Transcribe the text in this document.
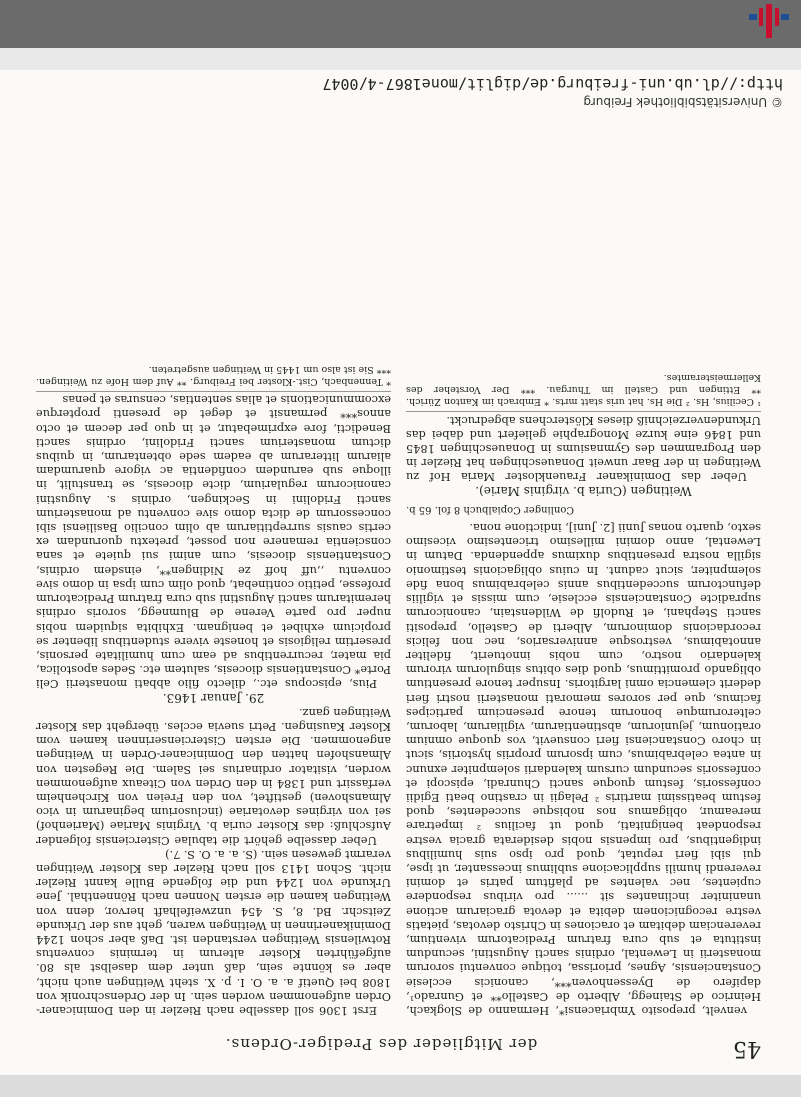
der Mitglieder des Prediger-Ordens.	45

venvelt, preposito Ymbriacensi*, Hermanno de Slogkach, Heinrico de Stainegg, Alberto de Castello** et Gunrado¹, dapifero de Dyessenhoven***, canonicis ecclesie Constanciensis, Agnes, priorissa, totique conventui sororum monasterii in Lewental, ordinis sancti Augustini, secundum instituta et sub cura fratrum Predicatorum viventium, reverenciam debitam et oraciones in Christo devotas, pietatis vestre recognicionem debita et devota graciarum actione unaniniter inclinantes sit ...... pro viribus respondere cupientes, nec valentes ad plafitum patris et domini reverendi humili supplicacione sublimus incessanter, ut ipse, qui sibi fieri reputat, quod pro ipso suis humilibus indigentibus, pro impensis nobis desiderata gracia vestre respondeat benignitati, quod ut facilius ² impetrare mereamur, obligamus nos nobisque succedentes, quod festum beatissimi martiris ² Pelagii in crastino beati Egidii confessoris, festum quoque sancti Chunradi, episcopi et confessoris secundum cursum kalendarii solempniter exnunc in antea celebrabimus, cum ipsorum propriis hystoriis, sicut in choro Constanciensi fieri consuevit, vos quoque omnium orationum, jejuniorum, abstinentiarum, vigiliarum, laborum, celterorumque bonorum tenore presencium participes facimus, que per sorores memorati monasterii nostri fieri dederit clemencia omni largitoris. Insuper tenore presentium obligando promittimus, quod dies obitus singulorum virorum kalendario nostro, cum nobis innotuerit, fideliter annotabimus, vestrosque anniversarios, nec non felicis recordacionis dominorum, Alberti de Castello, prepositi sancti Stephani, et Rudolfi de Wildenstain, canonicorum supradicte Constanciensis ecclesie, cum missis et vigiliis defunctorum succedentibus annis celebrabimus bona fide solempniter, sicut cadunt. In cuius obligacionis testimonio sigilla nostra presentibus duximus appendenda. Datum in Lewental, anno domini millesimo tricentesimo vicesimo sexto, quarto nonas Junii [2. Juni], indictione nona.

Conlinger Copialbuch 8 fol. 65 b.

Weitingen (Curia b. virginis Marie).

Ueber das Dominikaner Frauenkloster Maria Hof zu Weitingen in der Baar unweit Donaueschingen hat Riezler in den Programmen des Gymnasiums in Donaueschingen 1845 und 1846 eine kurze Monographie geliefert und dabei das Urkundenverzeichniß dieses Klösterchens abgedruckt.

¹ Cecilius, Hs. ² Die Hs. hat uris statt mrts. * Embrach im Kanton Zürich. ** Ettingen und Castell im Thurgau. *** Der Vorsteher des Kellermeisteramtes.

Erst 1306 soll dasselbe nach Riezler in den Dominicaner-Orden aufgenommen worden sein. In der Ordenschronik von 1808 bei Quetif a. a. O. I. p. X. steht Weitingen auch nicht, aber es könnte sein, daß unter dem daselbst als 80. aufgeführten Kloster alterum in terminis conventus Rotwilensis Weitingen verstanden ist. Daß aber schon 1244 Dominikanerinnen in Weitingen waren, geht aus der Urkunde Zeitschr. Bd. 8, S. 454 unzweifelhaft hervor, denn von Weitingen kamen die ersten Nonnen nach Rönnenthal. Jene Urkunde von 1244 und die folgende Bulle kannt Riezler nicht. Schon 1413 soll nach Riezler das Kloster Weitingen verarmt gewesen sein. (S. a. a. O. S. 7.)

Ueber dasselbe gehört die tabulae Cisterciensis folgender Aufschluß: das Kloster curia b. Virginis Mariae (Marienhof) sei von virgines devotariae (inclusorium beginarum in vico Almanshoven) gestiftet, von den Freien von Kirchenheim verfassirt und 1384 in den Orden von Citeaux aufgenommen worden, visitator ordinarius sei Salem. Die Regesten von Almanshofen hatten den Dominicaner-Orden in Weitingen angenommen. Die ersten Cistercienserinnen kamen vom Kloster Kausingen. Petri suevia eccles. übergeht das Kloster Weitingen ganz.

29. Januar 1463.

Pius, episcopus etc., dilecto filio abbati monasterii Celi Porte* Constantiensis diocesis, salutem etc. Sedes apostolica, pia mater, recurrentibus ad eam cum humilitate personis, presertim religiosis et honeste vivere studentibus libenter se propicium exhibet et benignam. Exhibita siquidem nobis nuper pro parte Verene de Blumnegg, sororis ordinis heremitarum sancti Augustini sub cura fratrum Predicatorum professe, petitio continebat, quod olim cum ipsa in domo sive conventu ,,uff hoff ze Nidingen**, einsdem ordinis, Constantiensis diocesis, cum animi sui quiete et sana conscientia remanere non posset, pretextu quorundam ex certis causis surreptitiarum ab olim concilio Basiliensi sibi concessorum de dicta domo sive conventu ad monasterium sancti Fridolini in Seckingen, ordinis s. Augustini canonicorum regularium, dicte diocesis, se transtulit, in illoque sub earundem confidentia ac vigore quarumdam aliarum litterarum ab eadem sede obtentarum, in quibus dictum monasterium sancti Fridolini, ordinis sancti Benedicti, fore exprimebatur, et in quo per decem et octo annos*** permansit et deget de presenti propterque excommunicationis et alias sententias, censuras et penas

* Tennenbach, Cist.-Kloster bei Freiburg. ** Auf dem Hofe zu Weitingen. *** Sie ist also um 1445 in Weitingen ausgetreten.

http://dl.ub.uni-freiburg.de/diglit/mone1867-4/0047
© Universitätsbibliothek Freiburg
